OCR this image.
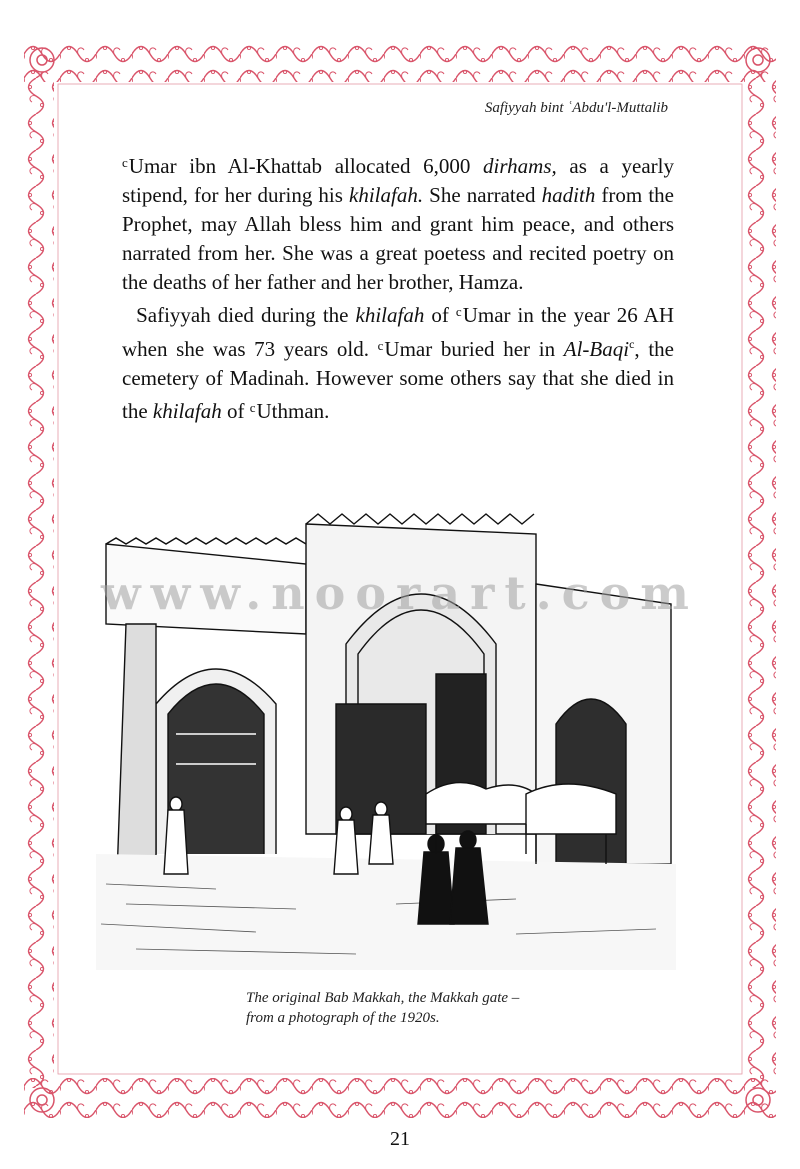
Safiyyah bint ʿAbdu'l-Muttalib

$^c$Umar ibn Al-Khattab allocated 6,000 dirhams, as a yearly stipend, for her during his khilafah. She narrated hadith from the Prophet, may Allah bless him and grant him peace, and others narrated from her. She was a great poetess and recited poetry on the deaths of her father and her brother, Hamza.

Safiyyah died during the khilafah of $^c$Umar in the year 26 AH when she was 73 years old. $^c$Umar buried her in Al-Baqi$^c$, the cemetery of Madinah. However some others say that she died in the khilafah of $^c$Uthman.

www.noorart.com
The original Bab Makkah, the Makkah gate –
from a photograph of the 1920s.
21
